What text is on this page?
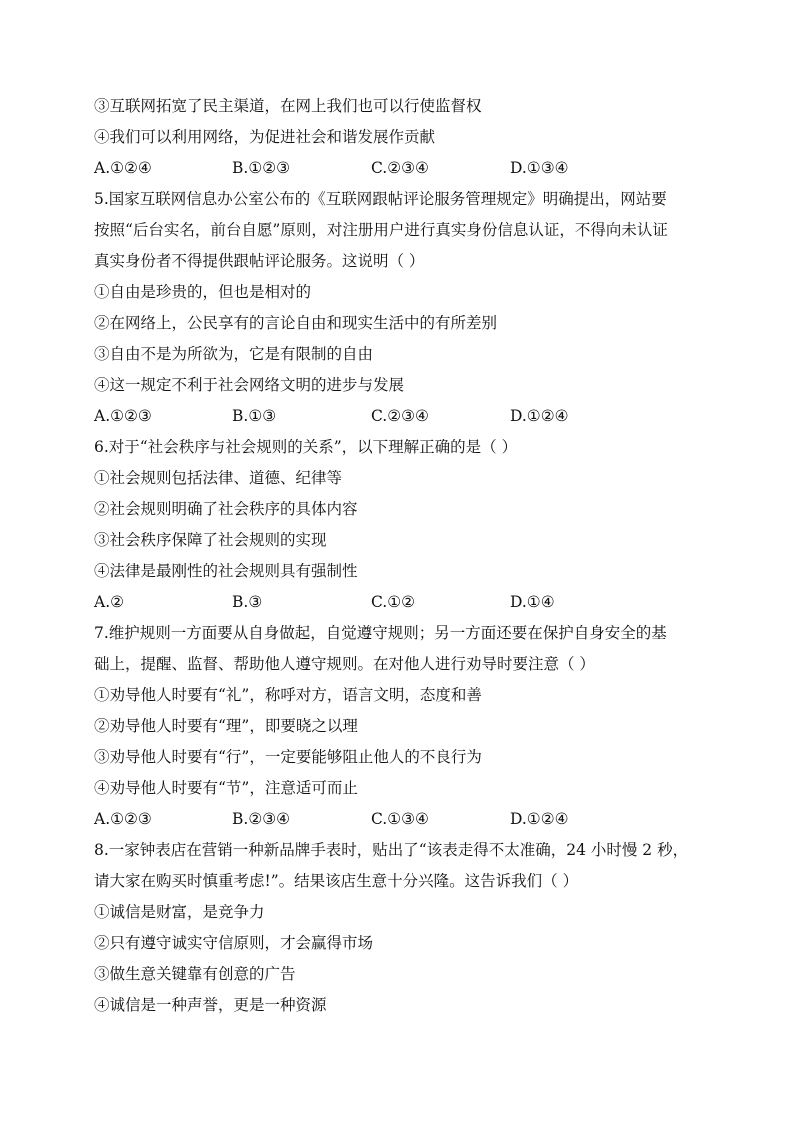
③互联网拓宽了民主渠道，在网上我们也可以行使监督权
④我们可以利用网络，为促进社会和谐发展作贡献
A.①②④	B.①②③	C.②③④	D.①③④
5.国家互联网信息办公室公布的《互联网跟帖评论服务管理规定》明确提出，网站要
按照“后台实名，前台自愿”原则，对注册用户进行真实身份信息认证，不得向未认证
真实身份者不得提供跟帖评论服务。这说明（ ）
①自由是珍贵的，但也是相对的
②在网络上，公民享有的言论自由和现实生活中的有所差别
③自由不是为所欲为，它是有限制的自由
④这一规定不利于社会网络文明的进步与发展
A.①②③	B.①③	C.②③④	D.①②④
6.对于“社会秩序与社会规则的关系”，以下理解正确的是（ ）
①社会规则包括法律、道德、纪律等
②社会规则明确了社会秩序的具体内容
③社会秩序保障了社会规则的实现
④法律是最刚性的社会规则具有强制性
A.②	B.③	C.①②	D.①④
7.维护规则一方面要从自身做起，自觉遵守规则；另一方面还要在保护自身安全的基
础上，提醒、监督、帮助他人遵守规则。在对他人进行劝导时要注意（ ）
①劝导他人时要有“礼”，称呼对方，语言文明，态度和善
②劝导他人时要有“理”，即要晓之以理
③劝导他人时要有“行”，一定要能够阻止他人的不良行为
④劝导他人时要有“节”，注意适可而止
A.①②③	B.②③④	C.①③④	D.①②④
8.一家钟表店在营销一种新品牌手表时，贴出了“该表走得不太准确，24 小时慢 2 秒，
请大家在购买时慎重考虑!”。结果该店生意十分兴隆。这告诉我们（ ）
①诚信是财富，是竞争力
②只有遵守诚实守信原则，才会赢得市场
③做生意关键靠有创意的广告
④诚信是一种声誉，更是一种资源
